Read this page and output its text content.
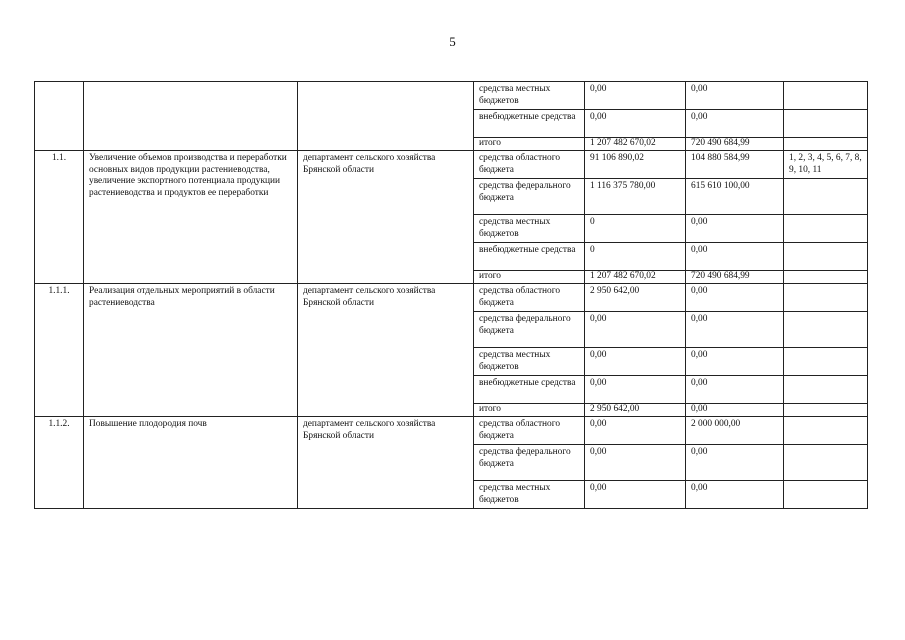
5
			средства местных бюджетов	0,00	0,00	
			внебюджетные средства	0,00	0,00	
			итого	1 207 482 670,02	720 490 684,99	
1.1.	Увеличение объемов производства и переработки основных видов продукции растениеводства, увеличение экспортного потенциала продукции растениеводства и продуктов ее переработки	департамент сельского хозяйства Брянской области	средства областного бюджета	91 106 890,02	104 880 584,99	1, 2, 3, 4, 5, 6, 7, 8, 9, 10, 11
			средства федерального бюджета	1 116 375 780,00	615 610 100,00	
			средства местных бюджетов	0	0,00	
			внебюджетные средства	0	0,00	
			итого	1 207 482 670,02	720 490 684,99	
1.1.1.	Реализация отдельных мероприятий в области растениеводства	департамент сельского хозяйства Брянской области	средства областного бюджета	2 950 642,00	0,00	
			средства федерального бюджета	0,00	0,00	
			средства местных бюджетов	0,00	0,00	
			внебюджетные средства	0,00	0,00	
			итого	2 950 642,00	0,00	
1.1.2.	Повышение плодородия почв	департамент сельского хозяйства Брянской области	средства областного бюджета	0,00	2 000 000,00	
			средства федерального бюджета	0,00	0,00	
			средства местных бюджетов	0,00	0,00	
